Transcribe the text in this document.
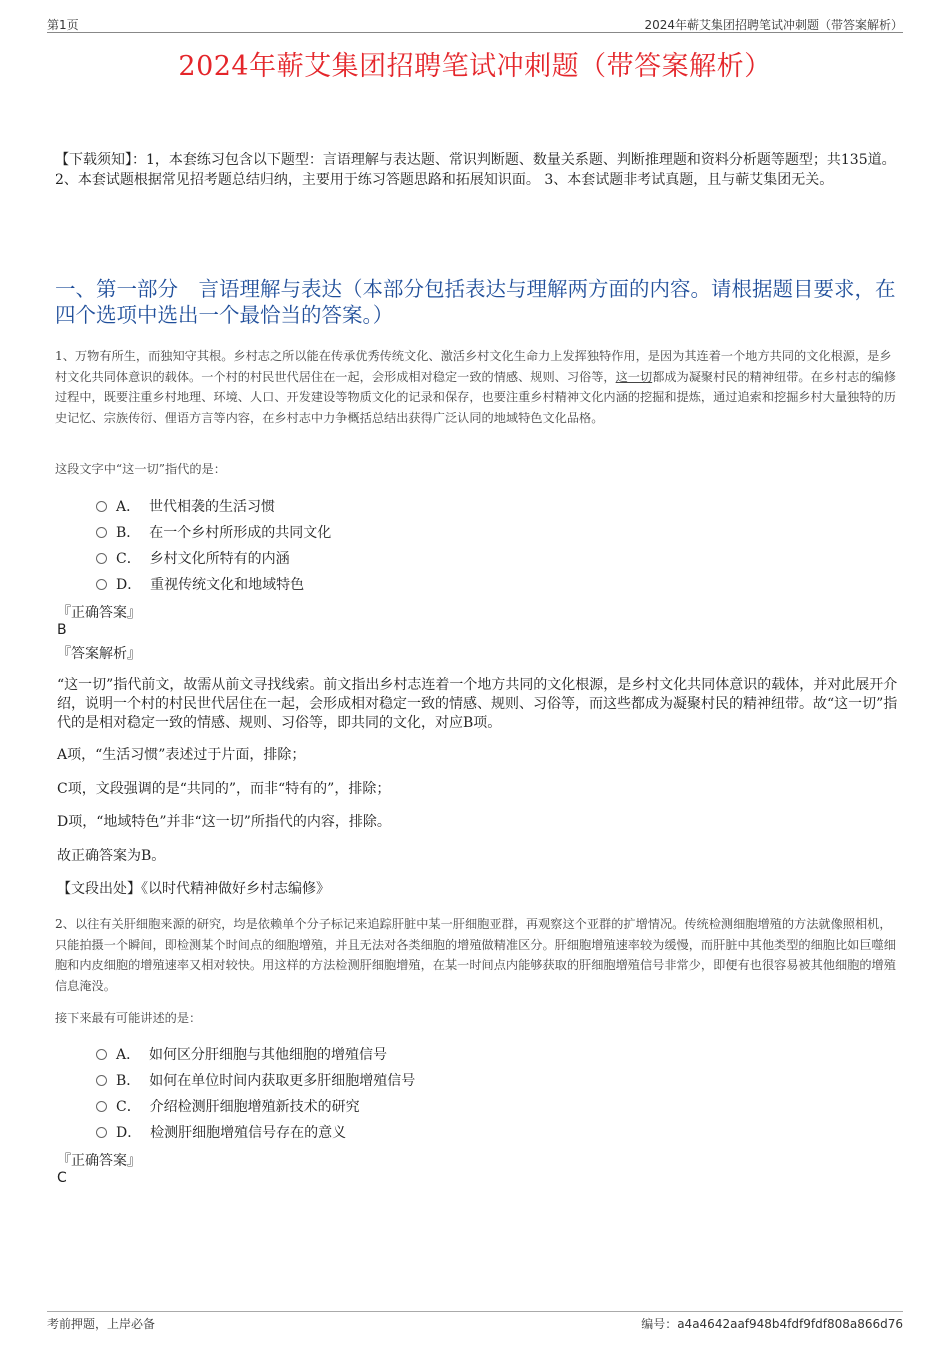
第1页	2024年蕲艾集团招聘笔试冲刺题（带答案解析）
2024年蕲艾集团招聘笔试冲刺题（带答案解析）
【下载须知】：1，本套练习包含以下题型：言语理解与表达题、常识判断题、数量关系题、判断推理题和资料分析题等题型；共135道。 2、本套试题根据常见招考题总结归纳，主要用于练习答题思路和拓展知识面。 3、本套试题非考试真题，且与蕲艾集团无关。
一、第一部分　言语理解与表达（本部分包括表达与理解两方面的内容。请根据题目要求，在四个选项中选出一个最恰当的答案。）
1、万物有所生，而独知守其根。乡村志之所以能在传承优秀传统文化、激活乡村文化生命力上发挥独特作用，是因为其连着一个地方共同的文化根源，是乡村文化共同体意识的载体。一个村的村民世代居住在一起，会形成相对稳定一致的情感、规则、习俗等，这一切都成为凝聚村民的精神纽带。在乡村志的编修过程中，既要注重乡村地理、环境、人口、开发建设等物质文化的记录和保存，也要注重乡村精神文化内涵的挖掘和提炼，通过追索和挖掘乡村大量独特的历史记忆、宗族传衍、俚语方言等内容，在乡村志中力争概括总结出获得广泛认同的地域特色文化品格。
这段文字中“这一切”指代的是：
A． 世代相袭的生活习惯
B． 在一个乡村所形成的共同文化
C． 乡村文化所特有的内涵
D． 重视传统文化和地域特色
『正确答案』
B
『答案解析』
“这一切”指代前文，故需从前文寻找线索。前文指出乡村志连着一个地方共同的文化根源，是乡村文化共同体意识的载体，并对此展开介绍，说明一个村的村民世代居住在一起，会形成相对稳定一致的情感、规则、习俗等，而这些都成为凝聚村民的精神纽带。故“这一切”指代的是相对稳定一致的情感、规则、习俗等，即共同的文化，对应B项。
A项，“生活习惯”表述过于片面，排除；
C项，文段强调的是“共同的”，而非“特有的”，排除；
D项，“地域特色”并非“这一切”所指代的内容，排除。
故正确答案为B。
【文段出处】《以时代精神做好乡村志编修》
2、以往有关肝细胞来源的研究，均是依赖单个分子标记来追踪肝脏中某一肝细胞亚群，再观察这个亚群的扩增情况。传统检测细胞增殖的方法就像照相机，只能拍摄一个瞬间，即检测某个时间点的细胞增殖，并且无法对各类细胞的增殖做精准区分。肝细胞增殖速率较为缓慢，而肝脏中其他类型的细胞比如巨噬细胞和内皮细胞的增殖速率又相对较快。用这样的方法检测肝细胞增殖，在某一时间点内能够获取的肝细胞增殖信号非常少，即便有也很容易被其他细胞的增殖信息淹没。
接下来最有可能讲述的是：
A． 如何区分肝细胞与其他细胞的增殖信号
B． 如何在单位时间内获取更多肝细胞增殖信号
C． 介绍检测肝细胞增殖新技术的研究
D． 检测肝细胞增殖信号存在的意义
『正确答案』
C
考前押题，上岸必备	编号：a4a4642aaf948b4fdf9fdf808a866d76
